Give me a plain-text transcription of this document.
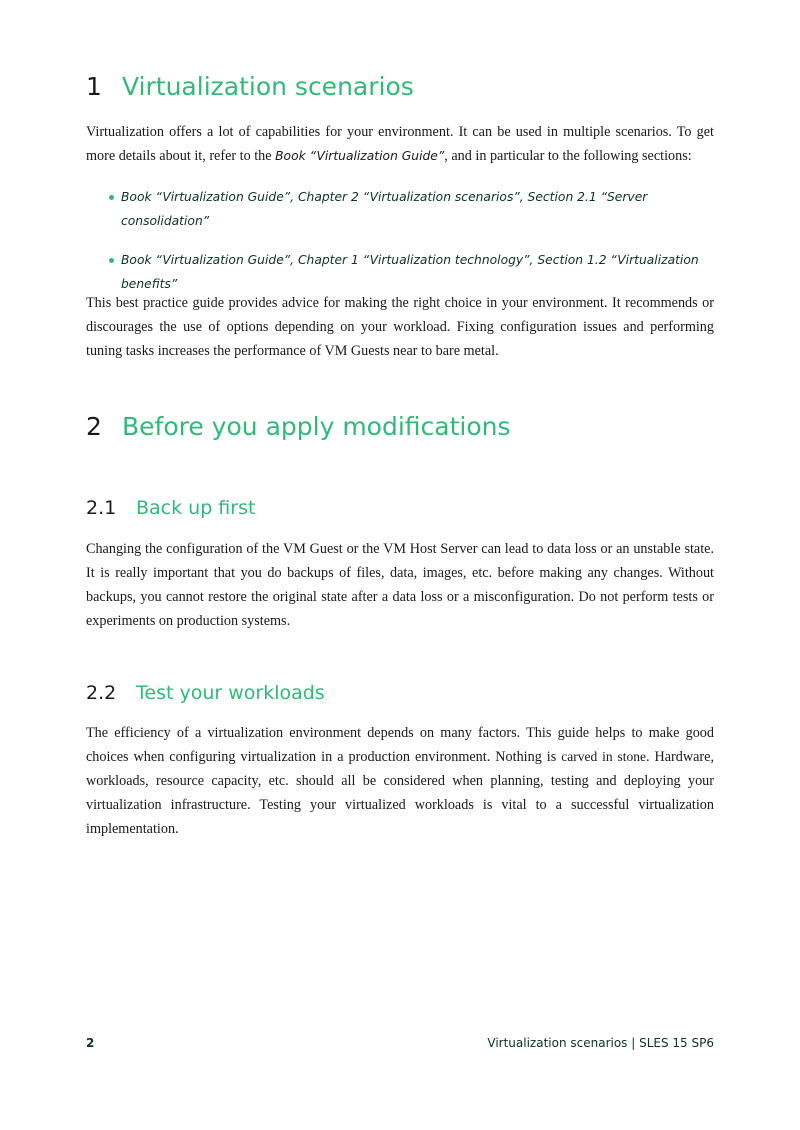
1 Virtualization scenarios

Virtualization offers a lot of capabilities for your environment. It can be used in multiple scenarios. To get more details about it, refer to the Book “Virtualization Guide”, and in particular to the following sections:

Book “Virtualization Guide”, Chapter 2 “Virtualization scenarios”, Section 2.1 “Server consolidation”
Book “Virtualization Guide”, Chapter 1 “Virtualization technology”, Section 1.2 “Virtualization benefits”

This best practice guide provides advice for making the right choice in your environment. It recommends or discourages the use of options depending on your workload. Fixing configuration issues and performing tuning tasks increases the performance of VM Guests near to bare metal.

2 Before you apply modifications
2.1 Back up first

Changing the configuration of the VM Guest or the VM Host Server can lead to data loss or an unstable state. It is really important that you do backups of files, data, images, etc. before making any changes. Without backups, you cannot restore the original state after a data loss or a misconfiguration. Do not perform tests or experiments on production systems.

2.2 Test your workloads

The efficiency of a virtualization environment depends on many factors. This guide helps to make good choices when configuring virtualization in a production environment. Nothing is carved in stone. Hardware, workloads, resource capacity, etc. should all be considered when planning, testing and deploying your virtualization infrastructure. Testing your virtualized workloads is vital to a successful virtualization implementation.

2	Virtualization scenarios | SLES 15 SP6
